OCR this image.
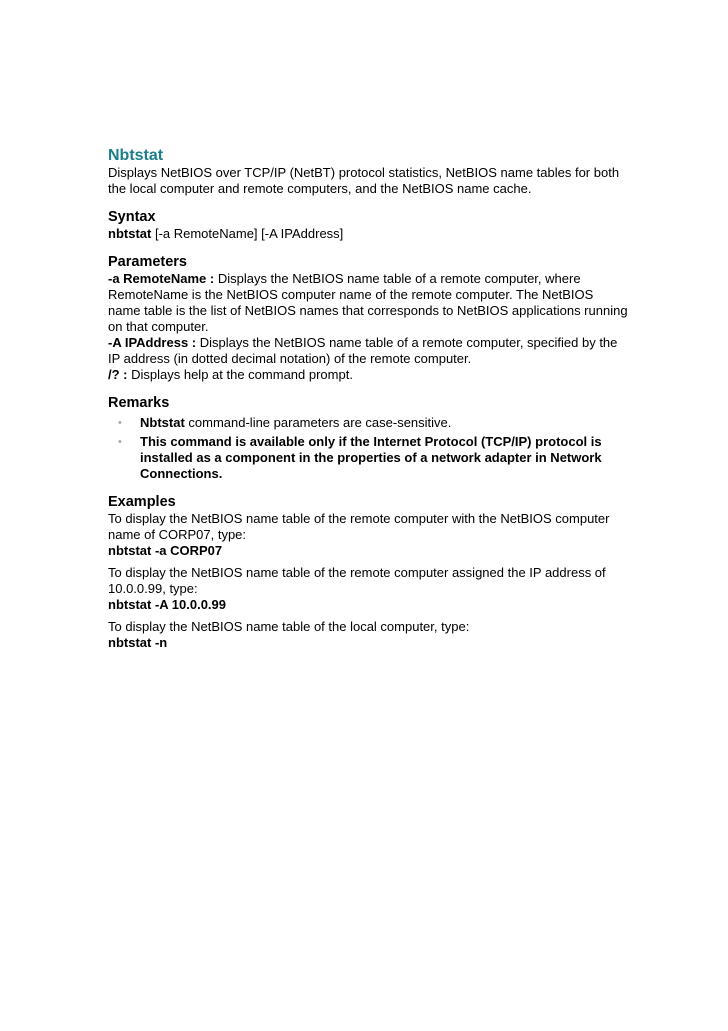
Nbtstat
Displays NetBIOS over TCP/IP (NetBT) protocol statistics, NetBIOS name tables for both the local computer and remote computers, and the NetBIOS name cache.
Syntax
nbtstat [-a RemoteName] [-A IPAddress]
Parameters
-a RemoteName : Displays the NetBIOS name table of a remote computer, where RemoteName is the NetBIOS computer name of the remote computer. The NetBIOS name table is the list of NetBIOS names that corresponds to NetBIOS applications running on that computer.
-A IPAddress : Displays the NetBIOS name table of a remote computer, specified by the IP address (in dotted decimal notation) of the remote computer.
/? : Displays help at the command prompt.
Remarks
• Nbtstat command-line parameters are case-sensitive.
• This command is available only if the Internet Protocol (TCP/IP) protocol is installed as a component in the properties of a network adapter in Network Connections.
Examples
To display the NetBIOS name table of the remote computer with the NetBIOS computer name of CORP07, type:
nbtstat -a CORP07
To display the NetBIOS name table of the remote computer assigned the IP address of 10.0.0.99, type:
nbtstat -A 10.0.0.99
To display the NetBIOS name table of the local computer, type:
nbtstat -n
